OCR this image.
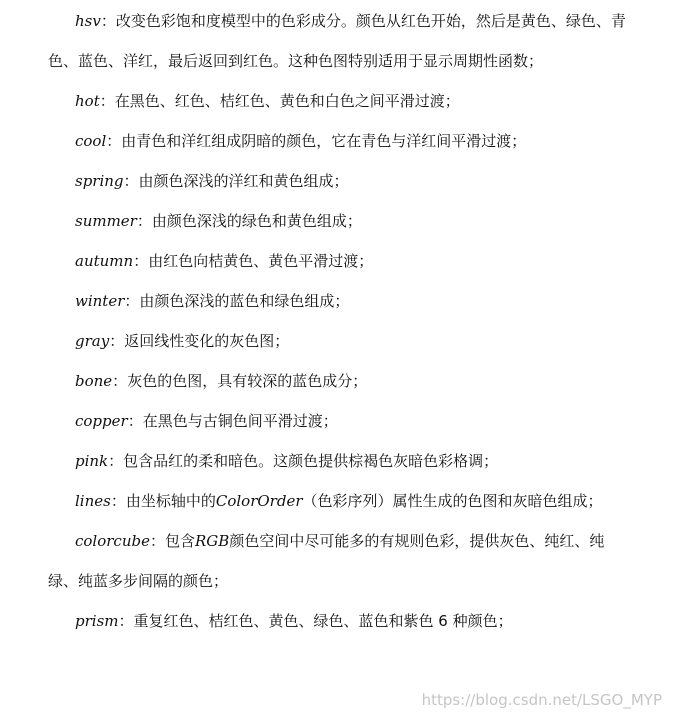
hsv：改变色彩饱和度模型中的色彩成分。颜色从红色开始，然后是黄色、绿色、青色、蓝色、洋红，最后返回到红色。这种色图特别适用于显示周期性函数；

hot：在黑色、红色、桔红色、黄色和白色之间平滑过渡；

cool：由青色和洋红组成阴暗的颜色，它在青色与洋红间平滑过渡；

spring：由颜色深浅的洋红和黄色组成；

summer：由颜色深浅的绿色和黄色组成；

autumn：由红色向桔黄色、黄色平滑过渡；

winter：由颜色深浅的蓝色和绿色组成；

gray：返回线性变化的灰色图；

bone：灰色的色图，具有较深的蓝色成分；

copper：在黑色与古铜色间平滑过渡；

pink：包含品红的柔和暗色。这颜色提供棕褐色灰暗色彩格调；

lines：由坐标轴中的ColorOrder（色彩序列）属性生成的色图和灰暗色组成；

colorcube：包含RGB颜色空间中尽可能多的有规则色彩，提供灰色、纯红、纯绿、纯蓝多步间隔的颜色；

prism：重复红色、桔红色、黄色、绿色、蓝色和紫色 6 种颜色；

https://blog.csdn.net/LSGO_MYP
